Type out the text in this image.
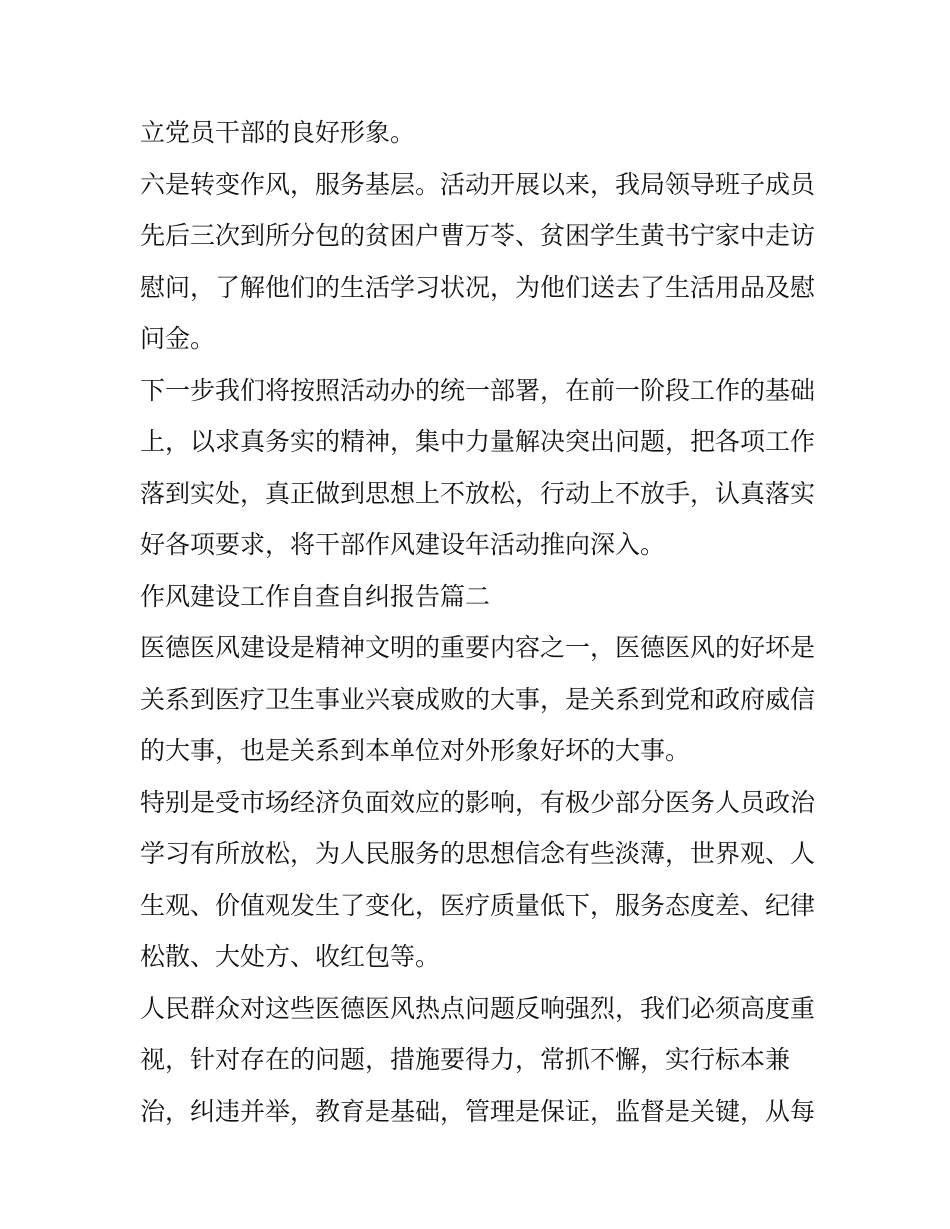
立党员干部的良好形象。
六是转变作风，服务基层。活动开展以来，我局领导班子成员
先后三次到所分包的贫困户曹万苓、贫困学生黄书宁家中走访
慰问，了解他们的生活学习状况，为他们送去了生活用品及慰
问金。
下一步我们将按照活动办的统一部署，在前一阶段工作的基础
上，以求真务实的精神，集中力量解决突出问题，把各项工作
落到实处，真正做到思想上不放松，行动上不放手，认真落实
好各项要求，将干部作风建设年活动推向深入。
作风建设工作自查自纠报告篇二
医德医风建设是精神文明的重要内容之一，医德医风的好坏是
关系到医疗卫生事业兴衰成败的大事，是关系到党和政府威信
的大事，也是关系到本单位对外形象好坏的大事。
特别是受市场经济负面效应的影响，有极少部分医务人员政治
学习有所放松，为人民服务的思想信念有些淡薄，世界观、人
生观、价值观发生了变化，医疗质量低下，服务态度差、纪律
松散、大处方、收红包等。
人民群众对这些医德医风热点问题反响强烈，我们必须高度重
视，针对存在的问题，措施要得力，常抓不懈，实行标本兼
治，纠违并举，教育是基础，管理是保证，监督是关键，从每
